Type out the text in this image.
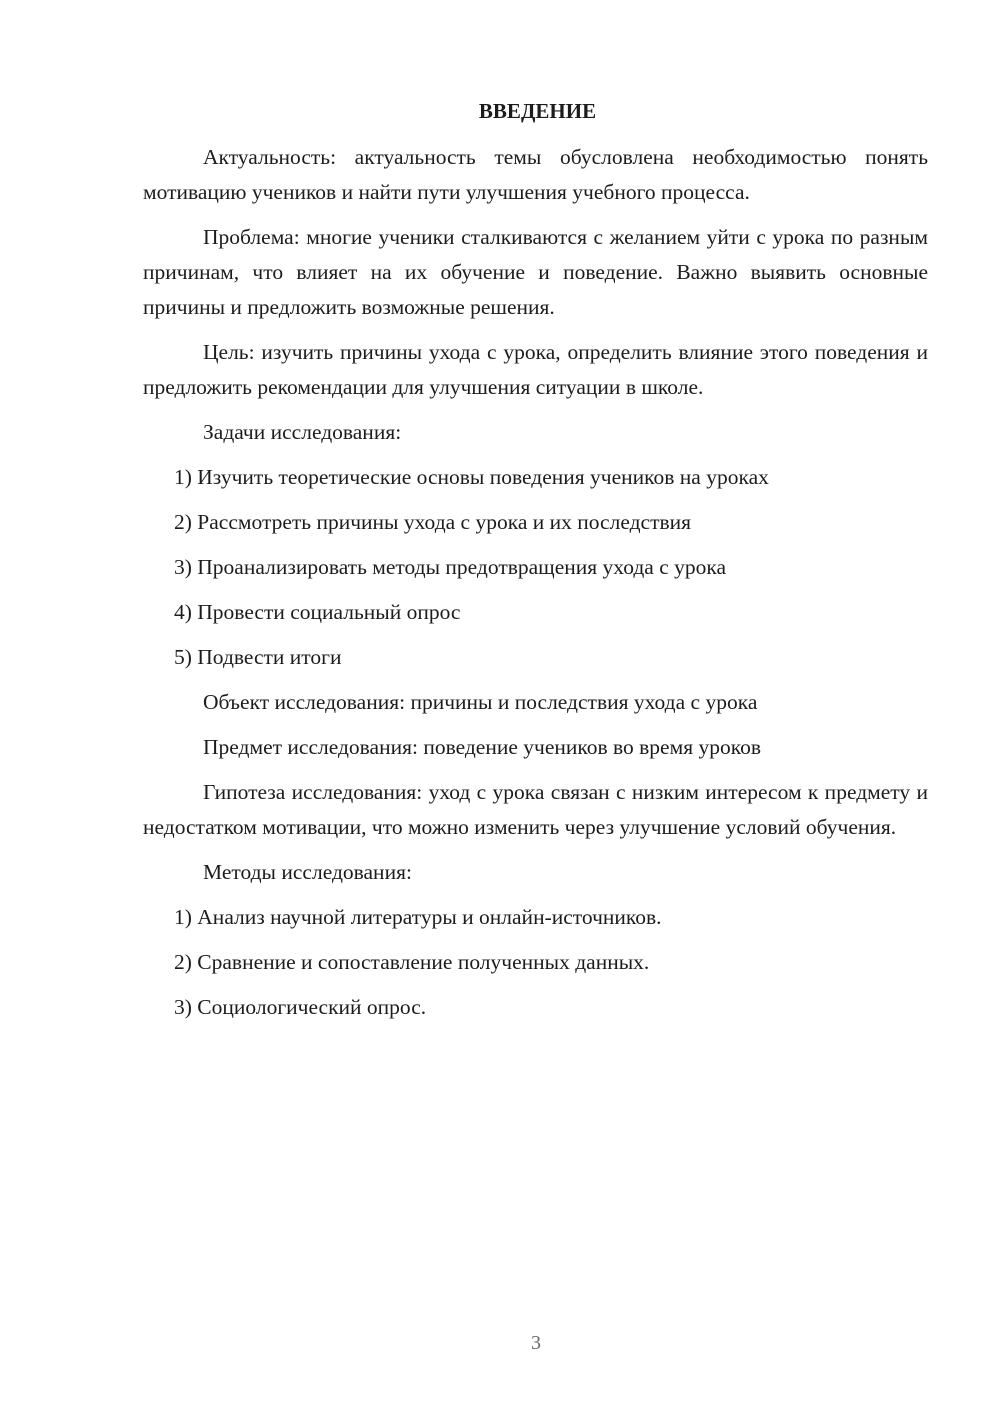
ВВЕДЕНИЕ

Актуальность: актуальность темы обусловлена необходимостью понять мотивацию учеников и найти пути улучшения учебного процесса.

Проблема: многие ученики сталкиваются с желанием уйти с урока по разным причинам, что влияет на их обучение и поведение. Важно выявить основные причины и предложить возможные решения.

Цель: изучить причины ухода с урока, определить влияние этого поведения и предложить рекомендации для улучшения ситуации в школе.

Задачи исследования:

1) Изучить теоретические основы поведения учеников на уроках

2) Рассмотреть причины ухода с урока и их последствия

3) Проанализировать методы предотвращения ухода с урока

4) Провести социальный опрос

5) Подвести итоги

Объект исследования: причины и последствия ухода с урока

Предмет исследования: поведение учеников во время уроков

Гипотеза исследования: уход с урока связан с низким интересом к предмету и недостатком мотивации, что можно изменить через улучшение условий обучения.

Методы исследования:

1) Анализ научной литературы и онлайн-источников.

2) Сравнение и сопоставление полученных данных.

3) Социологический опрос.

3
